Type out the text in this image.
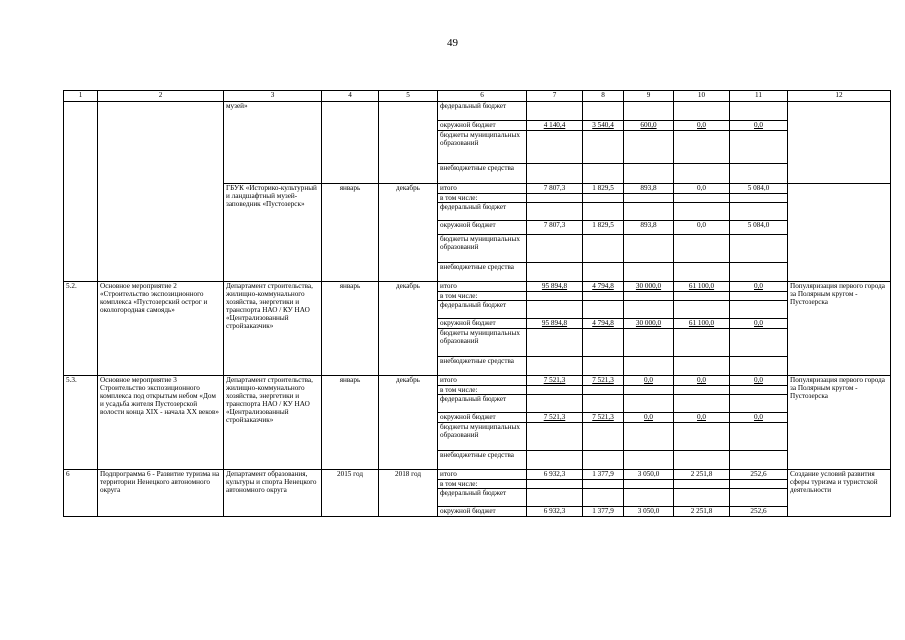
49
1	2	3	4	5	6	7	8	9	10	11	12
		музей»			федеральный бюджет						
					окружной бюджет	4 140,4	3 540,4	600,0	0,0	0,0	
					бюджеты муниципальных образований						
					внебюджетные средства						
		ГБУК «Историко-культурный и ландшафтный музей-заповедник «Пустозерск»	январь	декабрь	итого	7 807,3	1 829,5	893,8	0,0	5 084,0	
					в том числе:						
					федеральный бюджет						
					окружной бюджет	7 807,3	1 829,5	893,8	0,0	5 084,0	
					бюджеты муниципальных образований						
					внебюджетные средства						
5.2.	Основное мероприятие 2 «Строительство экспозиционного комплекса «Пустозерский острог и окологородная самоядь»	Департамент строительства, жилищно-коммунального хозяйства, энергетики и транспорта НАО / КУ НАО «Централизованный стройзаказчик»	январь	декабрь	итого	95 894,8	4 794,8	30 000,0	61 100,0	0,0	Популяризация первого города за Полярным кругом - Пустозерска
					в том числе:						
					федеральный бюджет						
					окружной бюджет	95 894,8	4 794,8	30 000,0	61 100,0	0,0	
					бюджеты муниципальных образований						
					внебюджетные средства						
5.3.	Основное мероприятие 3 Строительство экспозиционного комплекса под открытым небом «Дом и усадьба жителя Пустозерской волости конца XIX - начала XX веков»	Департамент строительства, жилищно-коммунального хозяйства, энергетики и транспорта НАО / КУ НАО «Централизованный стройзаказчик»	январь	декабрь	итого	7 521,3	7 521,3	0,0	0,0	0,0	Популяризация первого города за Полярным кругом - Пустозерска
					в том числе:						
					федеральный бюджет						
					окружной бюджет	7 521,3	7 521,3	0,0	0,0	0,0	
					бюджеты муниципальных образований						
					внебюджетные средства						
6	Подпрограмма 6 - Развитие туризма на территории Ненецкого автономного округа	Департамент образования, культуры и спорта Ненецкого автономного округа	2015 год	2018 год	итого	6 932,3	1 377,9	3 050,0	2 251,8	252,6	Создание условий развития сферы туризма и туристской деятельности
					в том числе:						
					федеральный бюджет						
					окружной бюджет	6 932,3	1 377,9	3 050,0	2 251,8	252,6	
